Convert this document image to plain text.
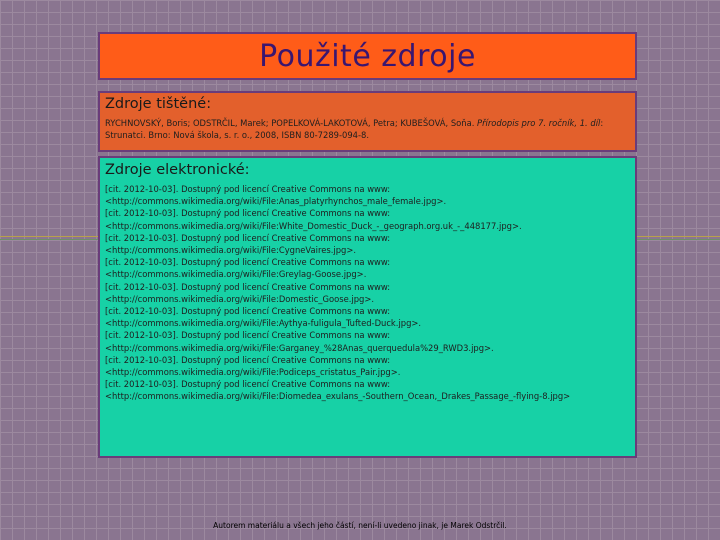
Použité zdroje
Zdroje tištěné:
RYCHNOVSKÝ, Boris; ODSTRČIL, Marek; POPELKOVÁ-LAKOTOVÁ, Petra; KUBEŠOVÁ, Soňa. Přírodopis pro 7. ročník, 1. díl: Strunatci. Brno: Nová škola, s. r. o., 2008, ISBN 80-7289-094-8.
Zdroje elektronické:
[cit. 2012-10-03]. Dostupný pod licencí Creative Commons na www:
<http://commons.wikimedia.org/wiki/File:Anas_platyrhynchos_male_female.jpg>.
[cit. 2012-10-03]. Dostupný pod licencí Creative Commons na www:
<http://commons.wikimedia.org/wiki/File:White_Domestic_Duck_-_geograph.org.uk_-_448177.jpg>.
[cit. 2012-10-03]. Dostupný pod licencí Creative Commons na www:
<http://commons.wikimedia.org/wiki/File:CygneVaires.jpg>.
[cit. 2012-10-03]. Dostupný pod licencí Creative Commons na www:
<http://commons.wikimedia.org/wiki/File:Greylag-Goose.jpg>.
[cit. 2012-10-03]. Dostupný pod licencí Creative Commons na www:
<http://commons.wikimedia.org/wiki/File:Domestic_Goose.jpg>.
[cit. 2012-10-03]. Dostupný pod licencí Creative Commons na www:
<http://commons.wikimedia.org/wiki/File:Aythya-fuligula_Tufted-Duck.jpg>.
[cit. 2012-10-03]. Dostupný pod licencí Creative Commons na www:
<http://commons.wikimedia.org/wiki/File:Garganey_%28Anas_querquedula%29_RWD3.jpg>.
[cit. 2012-10-03]. Dostupný pod licencí Creative Commons na www:
<http://commons.wikimedia.org/wiki/File:Podiceps_cristatus_Pair.jpg>.
[cit. 2012-10-03]. Dostupný pod licencí Creative Commons na www:
<http://commons.wikimedia.org/wiki/File:Diomedea_exulans_-Southern_Ocean,_Drakes_Passage_-flying-8.jpg>
Autorem materiálu a všech jeho částí, není-li uvedeno jinak, je Marek Odstrčil.
